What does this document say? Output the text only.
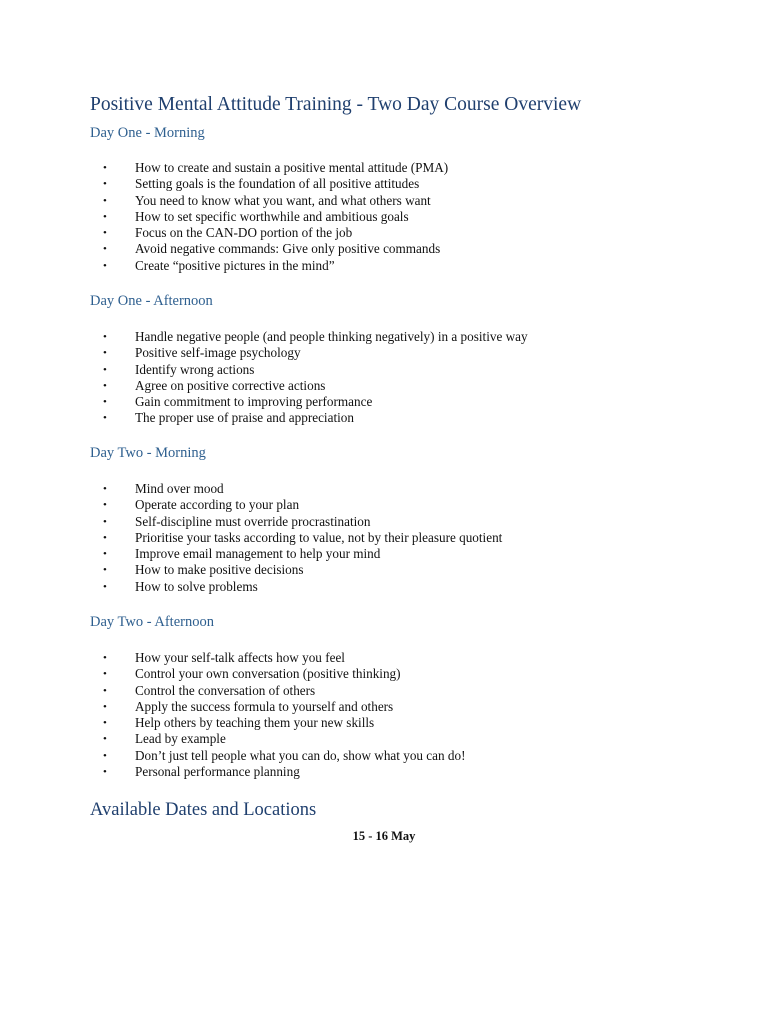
Positive Mental Attitude Training - Two Day Course Overview
Day One - Morning
• How to create and sustain a positive mental attitude (PMA)
• Setting goals is the foundation of all positive attitudes
• You need to know what you want, and what others want
• How to set specific worthwhile and ambitious goals
• Focus on the CAN-DO portion of the job
• Avoid negative commands: Give only positive commands
• Create “positive pictures in the mind”
Day One - Afternoon
• Handle negative people (and people thinking negatively) in a positive way
• Positive self-image psychology
• Identify wrong actions
• Agree on positive corrective actions
• Gain commitment to improving performance
• The proper use of praise and appreciation
Day Two - Morning
• Mind over mood
• Operate according to your plan
• Self-discipline must override procrastination
• Prioritise your tasks according to value, not by their pleasure quotient
• Improve email management to help your mind
• How to make positive decisions
• How to solve problems
Day Two - Afternoon
• How your self-talk affects how you feel
• Control your own conversation (positive thinking)
• Control the conversation of others
• Apply the success formula to yourself and others
• Help others by teaching them your new skills
• Lead by example
• Don’t just tell people what you can do, show what you can do!
• Personal performance planning
Available Dates and Locations
15 - 16 May
